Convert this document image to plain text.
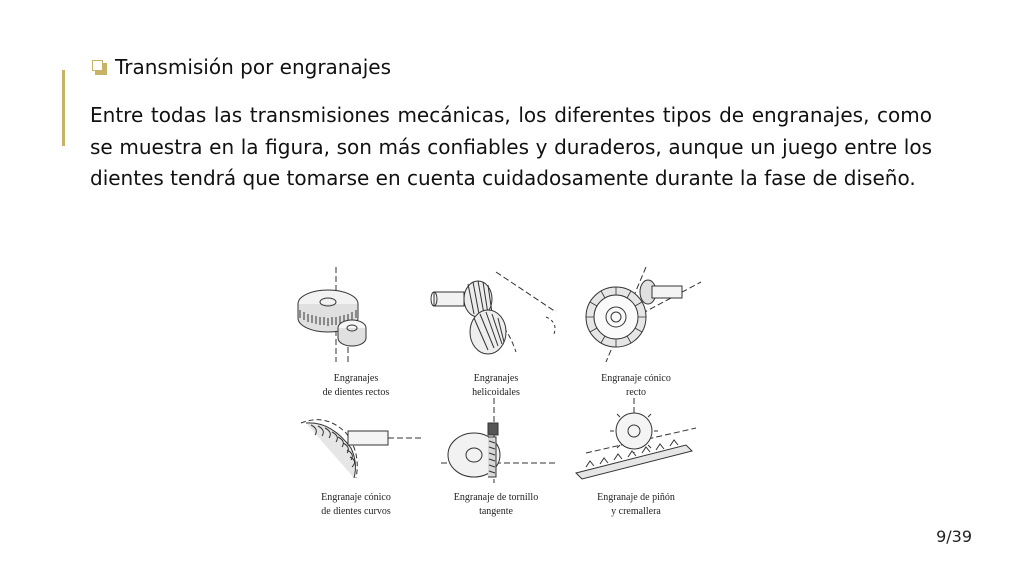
Transmisión por engranajes
Entre todas las transmisiones mecánicas, los diferentes tipos de engranajes, como se muestra en la figura, son más confiables y duraderos, aunque un juego entre los dientes tendrá que tomarse en cuenta cuidadosamente durante la fase de diseño.
Engranajes
de dientes rectos
Engranajes
helicoidales
Engranaje cónico
recto
Engranaje cónico
de dientes curvos
Engranaje de tornillo
tangente
Engranaje de piñón
y cremallera
9/39
